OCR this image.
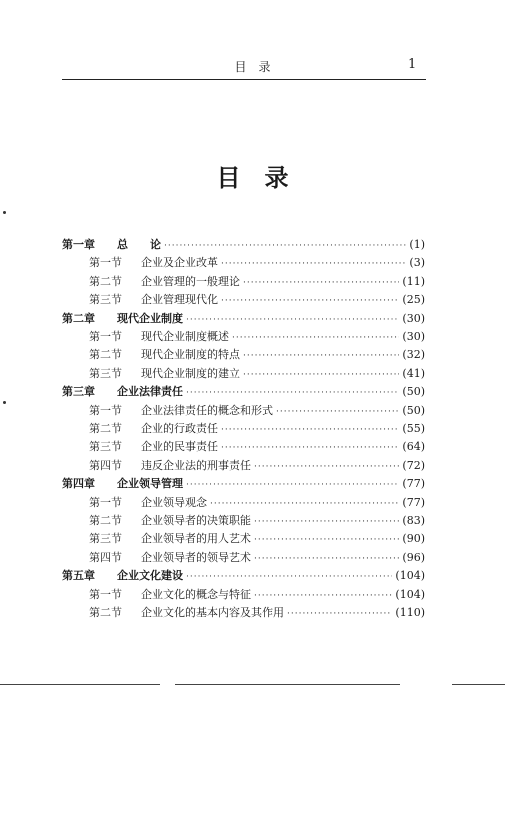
目　录	1
目　录
第一章	总　　论 ·····	(1)
第一节	企业及企业改革 ·····	(3)
第二节	企业管理的一般理论 ·····	(11)
第三节	企业管理现代化 ·····	(25)
第二章	现代企业制度 ·····	(30)
第一节	现代企业制度概述 ·····	(30)
第二节	现代企业制度的特点 ·····	(32)
第三节	现代企业制度的建立 ·····	(41)
第三章	企业法律责任 ·····	(50)
第一节	企业法律责任的概念和形式 ·····	(50)
第二节	企业的行政责任 ·····	(55)
第三节	企业的民事责任 ·····	(64)
第四节	违反企业法的刑事责任 ·····	(72)
第四章	企业领导管理 ·····	(77)
第一节	企业领导观念 ·····	(77)
第二节	企业领导者的决策职能 ·····	(83)
第三节	企业领导者的用人艺术 ·····	(90)
第四节	企业领导者的领导艺术 ·····	(96)
第五章	企业文化建设 ·····	(104)
第一节	企业文化的概念与特征 ·····	(104)
第二节	企业文化的基本内容及其作用 ·····	(110)
